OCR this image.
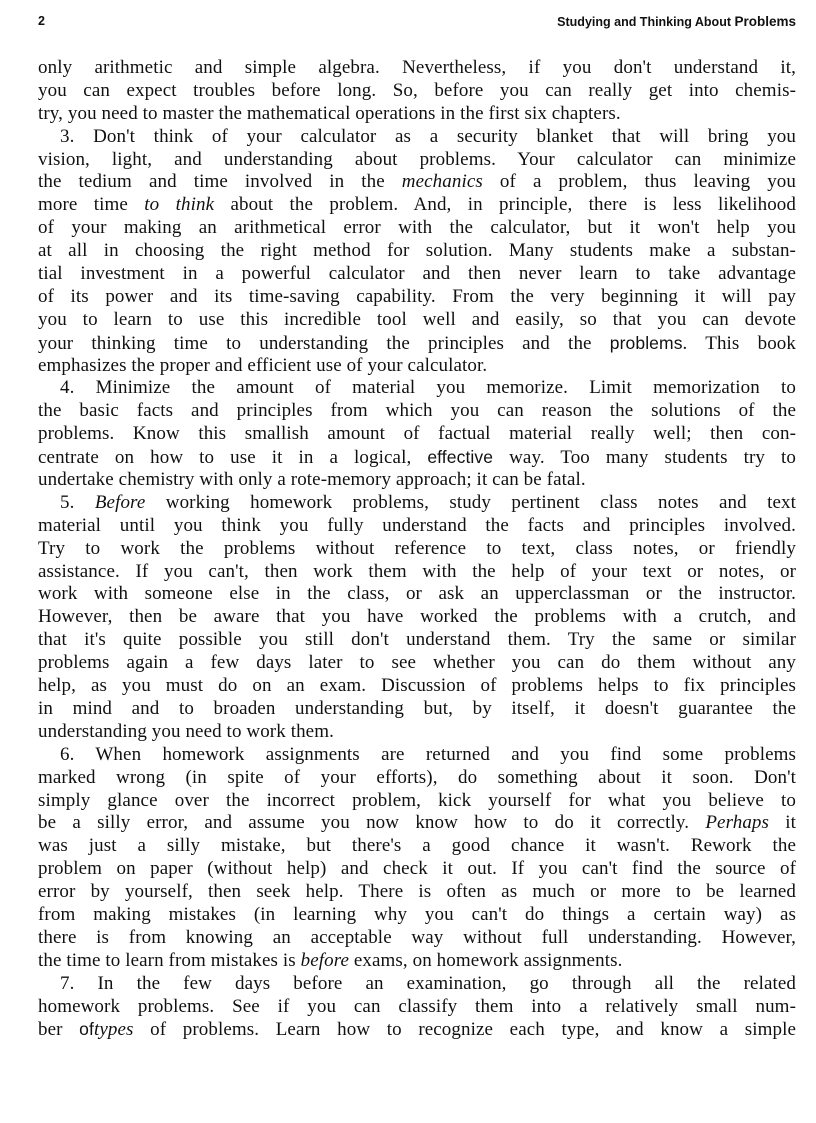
2	Studying and Thinking About Problems
only arithmetic and simple algebra. Nevertheless, if you don't understand it,
you can expect troubles before long. So, before you can really get into chemis-
try, you need to master the mathematical operations in the first six chapters.
3. Don't think of your calculator as a security blanket that will bring you
vision, light, and understanding about problems. Your calculator can minimize
the tedium and time involved in the mechanics of a problem, thus leaving you
more time to think about the problem. And, in principle, there is less likelihood
of your making an arithmetical error with the calculator, but it won't help you
at all in choosing the right method for solution. Many students make a substan-
tial investment in a powerful calculator and then never learn to take advantage
of its power and its time-saving capability. From the very beginning it will pay
you to learn to use this incredible tool well and easily, so that you can devote
your thinking time to understanding the principles and the problems. This book
emphasizes the proper and efficient use of your calculator.
4. Minimize the amount of material you memorize. Limit memorization to
the basic facts and principles from which you can reason the solutions of the
problems. Know this smallish amount of factual material really well; then con-
centrate on how to use it in a logical, effective way. Too many students try to
undertake chemistry with only a rote-memory approach; it can be fatal.
5. Before working homework problems, study pertinent class notes and text
material until you think you fully understand the facts and principles involved.
Try to work the problems without reference to text, class notes, or friendly
assistance. If you can't, then work them with the help of your text or notes, or
work with someone else in the class, or ask an upperclassman or the instructor.
However, then be aware that you have worked the problems with a crutch, and
that it's quite possible you still don't understand them. Try the same or similar
problems again a few days later to see whether you can do them without any
help, as you must do on an exam. Discussion of problems helps to fix principles
in mind and to broaden understanding but, by itself, it doesn't guarantee the
understanding you need to work them.
6. When homework assignments are returned and you find some problems
marked wrong (in spite of your efforts), do something about it soon. Don't
simply glance over the incorrect problem, kick yourself for what you believe to
be a silly error, and assume you now know how to do it correctly. Perhaps it
was just a silly mistake, but there's a good chance it wasn't. Rework the
problem on paper (without help) and check it out. If you can't find the source of
error by yourself, then seek help. There is often as much or more to be learned
from making mistakes (in learning why you can't do things a certain way) as
there is from knowing an acceptable way without full understanding. However,
the time to learn from mistakes is before exams, on homework assignments.
7. In the few days before an examination, go through all the related
homework problems. See if you can classify them into a relatively small num-
ber oftypes of problems. Learn how to recognize each type, and know a simple
